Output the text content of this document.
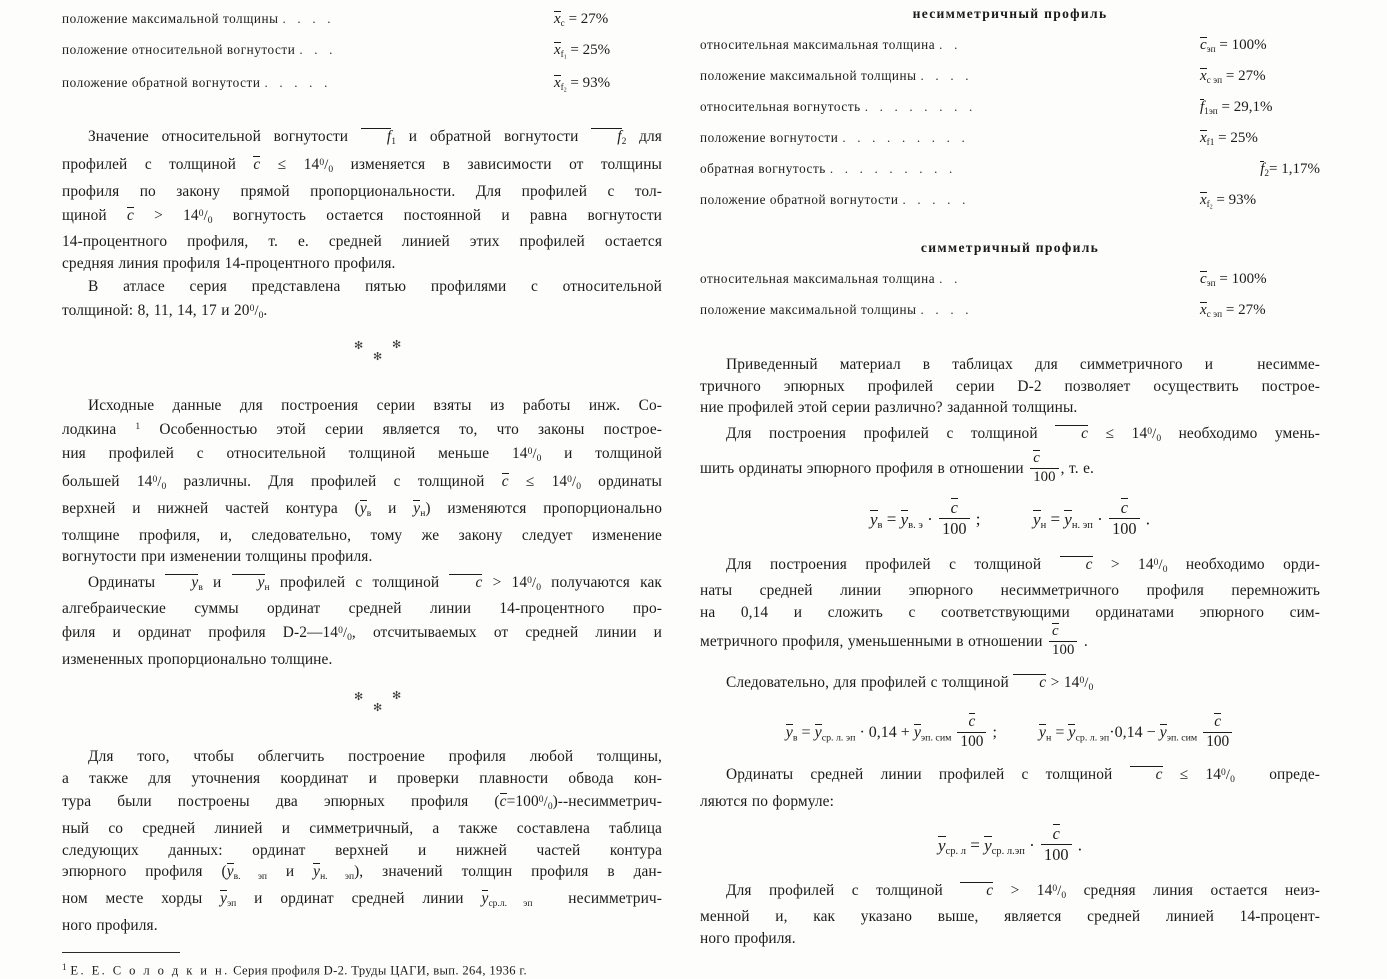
положение максимальной толщины . . . .	$x_c = 27\%$
положение относительной вогнутости . . .	$x_{f_1} = 25\%$
положение обратной вогнутости . . . . .	$x_{f_2} = 93\%$
Значение относительной вогнутости $f_1$ и обратной вогнутости $f_2$ для
профилей с толщиной $c \le 14^0/_0$ изменяется в зависимости от толщины
профиля по закону прямой пропорциональности. Для профилей с тол-
щиной $c > 14^0/_0$ вогнутость остается постоянной и равна вогнутости
14-процентного профиля, т. е. средней линией этих профилей остается
средняя линия профиля 14-процентного профиля.
В атласе серия представлена пятью профилями с относительной
толщиной: 8, 11, 14, 17 и $20^0/_0$.
✻	✻
✻
Исходные данные для построения серии взяты из работы инж. Со-
лодкина $^1$ Особенностью этой серии является то, что законы построе-
ния профилей с относительной толщиной меньше $14^0/_0$ и толщиной
большей $14^0/_0$ различны. Для профилей с толщиной $c \le 14^0/_0$ ординаты
верхней и нижней частей контура ($y_в$ и $y_н$) изменяются пропорционально
толщине профиля, и, следовательно, тому же закону следует изменение
вогнутости при изменении толщины профиля.
Ординаты $y_в$ и $y_н$ профилей с толщиной $c > 14^0/_0$ получаются как
алгебраические суммы ординат средней линии 14-процентного про-
филя и ординат профиля $D-2—14^0/_0$, отсчитываемых от средней линии и
измененных пропорционально толщине.
✻	✻
✻
Для того, чтобы облегчить построение профиля любой толщины,
а также для уточнения координат и проверки плавности обвода кон-
тура были построены два эпюрных профиля $(c=100^0/_0)--несимметрич-$
ный со средней линией и симметричный, а также составлена таблица
следующих данных: ординат верхней и нижней частей контура
эпюрного профиля ($y_{в. эп}$ и $y_{н. эп}$), значений толщин профиля в дан-
ном месте хорды $y_{эп}$ и ординат средней линии $y_{ср.л. эп}$  несимметрич-
ного профиля.
$^1$ Е. Е. С о л о д к и н. Серия профиля D-2. Труды ЦАГИ, вып. 264, 1936 г.
несимметричный профиль
относительная максимальная толщина . .	$c_{эп} = 100\%$
положение максимальной толщины . . . .	$x_c$ $_{эп}$ = 27%
относительная вогнутость . . . . . . . .	$f_{1эп} = 29,1\%$
положение вогнутости . . . . . . . . .	$x_{f1} = 25\%$
обратная вогнутость . . . . . . . . .	$f_2= 1,17\%$
положение обратной вогнутости . . . . .	$x_{f_2} = 93\%$
симметричный профиль
относительная максимальная толщина . .	$c_{эп} = 100\%$
положение максимальной толщины . . . .	$x_c$ $_{эп}$ = 27%
Приведенный материал в таблицах для симметричного и  несимме-
тричного эпюрных профилей серии D-2 позволяет осуществить построе-
ние профилей этой серии различно? заданной толщины.
Для построения профилей с толщиной $c \le 14^0/_0$ необходимо умень-
шить ординаты эпюрного профиля в отношении $\frac{c}{100}$ , т. е.
$y_в = y_{в. э} \cdot \frac{c}{100}$ ;	$y_н = y_{н. эп} \cdot \frac{c}{100}$ .
Для построения профилей с толщиной $c > 14^0/_0$ необходимо орди-
наты средней линии эпюрного несимметричного профиля перемножить
на 0,14 и сложить с соответствующими ординатами эпюрного сим-
метричного профиля, уменьшенными в отношении $\frac{c}{100}$ .
Следовательно, для профилей с толщиной $c > 14^0/_0$
$y_в = y_{ср. л. эп} \cdot 0,14 + y_{эп. сим} \frac{c}{100}$ ;  $y_н = y_{ср. л. эп}\cdot 0,14 - y_{эп. сим} \frac{c}{100}$
Ординаты средней линии профилей с толщиной $c \le 14^0/_0$  опреде-
ляются по формуле:
$y_{ср. л} = y_{ср. л.эп} \cdot \frac{c}{100}$ .
Для профилей с толщиной $c > 14^0/_0$ средняя линия остается неиз-
менной и, как указано выше, является средней линией 14-процент-
ного профиля.
